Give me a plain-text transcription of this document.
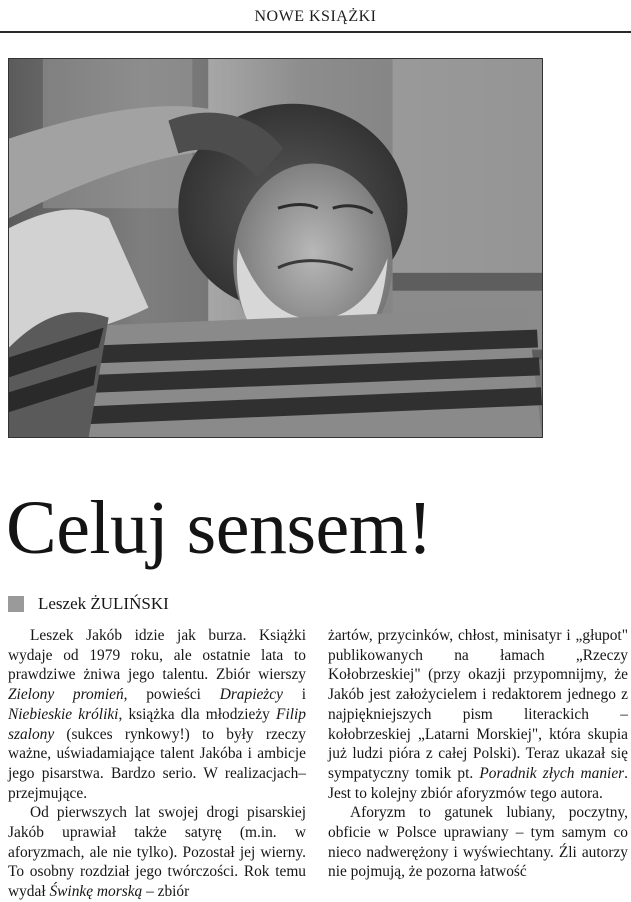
NOWE KSIĄŻKI
Celuj sensem!
Leszek ŻULIŃSKI

Leszek Jakób idzie jak burza. Książki wydaje od 1979 roku, ale ostatnie lata to prawdziwe żniwa jego talentu. Zbiór wierszy Zielony promień, powieści Drapieżcy i Niebieskie króliki, książka dla młodzieży Filip szalony (sukces rynkowy!) to były rzeczy ważne, uświadamiające talent Jakóba i ambicje jego pisarstwa. Bardzo serio. W realizacjach– przejmujące.

Od pierwszych lat swojej drogi pisarskiej Jakób uprawiał także satyrę (m.in. w aforyzmach, ale nie tylko). Pozostał jej wierny. To osobny rozdział jego twórczości. Rok temu wydał Świnkę morską – zbiór

żartów, przycinków, chłost, minisatyr i „głupot" publikowanych na łamach „Rzeczy Kołobrzeskiej" (przy okazji przypomnijmy, że Jakób jest założycielem i redaktorem jednego z najpiękniejszych pism literackich – kołobrzeskiej „Latarni Morskiej", która skupia już ludzi pióra z całej Polski). Teraz ukazał się sympatyczny tomik pt. Poradnik złych manier. Jest to kolejny zbiór aforyzmów tego autora.

Aforyzm to gatunek lubiany, poczytny, obficie w Polsce uprawiany – tym samym co nieco nadwerężony i wyświechtany. Źli autorzy nie pojmują, że pozorna łatwość
